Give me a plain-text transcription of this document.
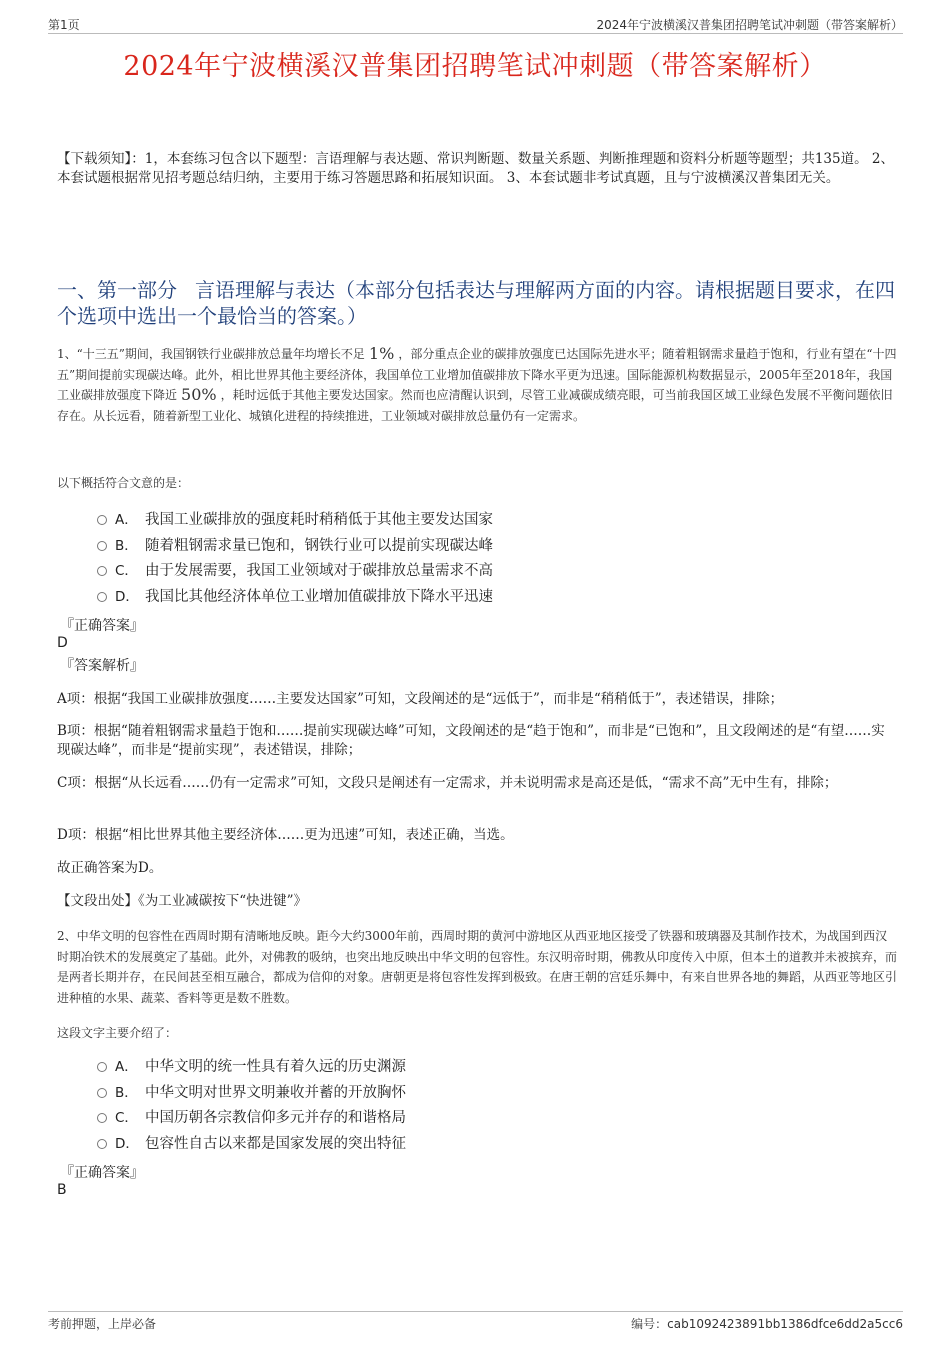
第1页	2024年宁波横溪汉普集团招聘笔试冲刺题（带答案解析）
2024年宁波横溪汉普集团招聘笔试冲刺题（带答案解析）
【下载须知】：1，本套练习包含以下题型：言语理解与表达题、常识判断题、数量关系题、判断推理题和资料分析题等题型；共135道。 2、本套试题根据常见招考题总结归纳，主要用于练习答题思路和拓展知识面。 3、本套试题非考试真题，且与宁波横溪汉普集团无关。
一、第一部分 言语理解与表达（本部分包括表达与理解两方面的内容。请根据题目要求，在四个选项中选出一个最恰当的答案。）
1、“十三五”期间，我国钢铁行业碳排放总量年均增长不足 1% ，部分重点企业的碳排放强度已达国际先进水平；随着粗钢需求量趋于饱和，行业有望在“十四五”期间提前实现碳达峰。此外，相比世界其他主要经济体，我国单位工业增加值碳排放下降水平更为迅速。国际能源机构数据显示，2005年至2018年，我国工业碳排放强度下降近 50% ，耗时远低于其他主要发达国家。然而也应清醒认识到，尽管工业减碳成绩亮眼，可当前我国区域工业绿色发展不平衡问题依旧存在。从长远看，随着新型工业化、城镇化进程的持续推进，工业领域对碳排放总量仍有一定需求。
以下概括符合文意的是：
A． 我国工业碳排放的强度耗时稍稍低于其他主要发达国家
B． 随着粗钢需求量已饱和，钢铁行业可以提前实现碳达峰
C． 由于发展需要，我国工业领域对于碳排放总量需求不高
D． 我国比其他经济体单位工业增加值碳排放下降水平迅速
『正确答案』
D
『答案解析』
A项：根据“我国工业碳排放强度……主要发达国家”可知，文段阐述的是“远低于”，而非是“稍稍低于”，表述错误，排除；
B项：根据“随着粗钢需求量趋于饱和……提前实现碳达峰”可知，文段阐述的是“趋于饱和”，而非是“已饱和”，且文段阐述的是“有望……实现碳达峰”，而非是“提前实现”，表述错误，排除；
C项：根据“从长远看……仍有一定需求”可知，文段只是阐述有一定需求，并未说明需求是高还是低，“需求不高”无中生有，排除；
D项：根据“相比世界其他主要经济体……更为迅速”可知，表述正确，当选。
故正确答案为D。
【文段出处】《为工业减碳按下“快进键”》
2、中华文明的包容性在西周时期有清晰地反映。距今大约3000年前，西周时期的黄河中游地区从西亚地区接受了铁器和玻璃器及其制作技术，为战国到西汉时期冶铁术的发展奠定了基础。此外，对佛教的吸纳，也突出地反映出中华文明的包容性。东汉明帝时期，佛教从印度传入中原，但本土的道教并未被摈弃，而是两者长期并存，在民间甚至相互融合，都成为信仰的对象。唐朝更是将包容性发挥到极致。在唐王朝的宫廷乐舞中，有来自世界各地的舞蹈，从西亚等地区引进种植的水果、蔬菜、香料等更是数不胜数。
这段文字主要介绍了：
A． 中华文明的统一性具有着久远的历史渊源
B． 中华文明对世界文明兼收并蓄的开放胸怀
C． 中国历朝各宗教信仰多元并存的和谐格局
D． 包容性自古以来都是国家发展的突出特征
『正确答案』
B
考前押题，上岸必备	编号：cab1092423891bb1386dfce6dd2a5cc6
